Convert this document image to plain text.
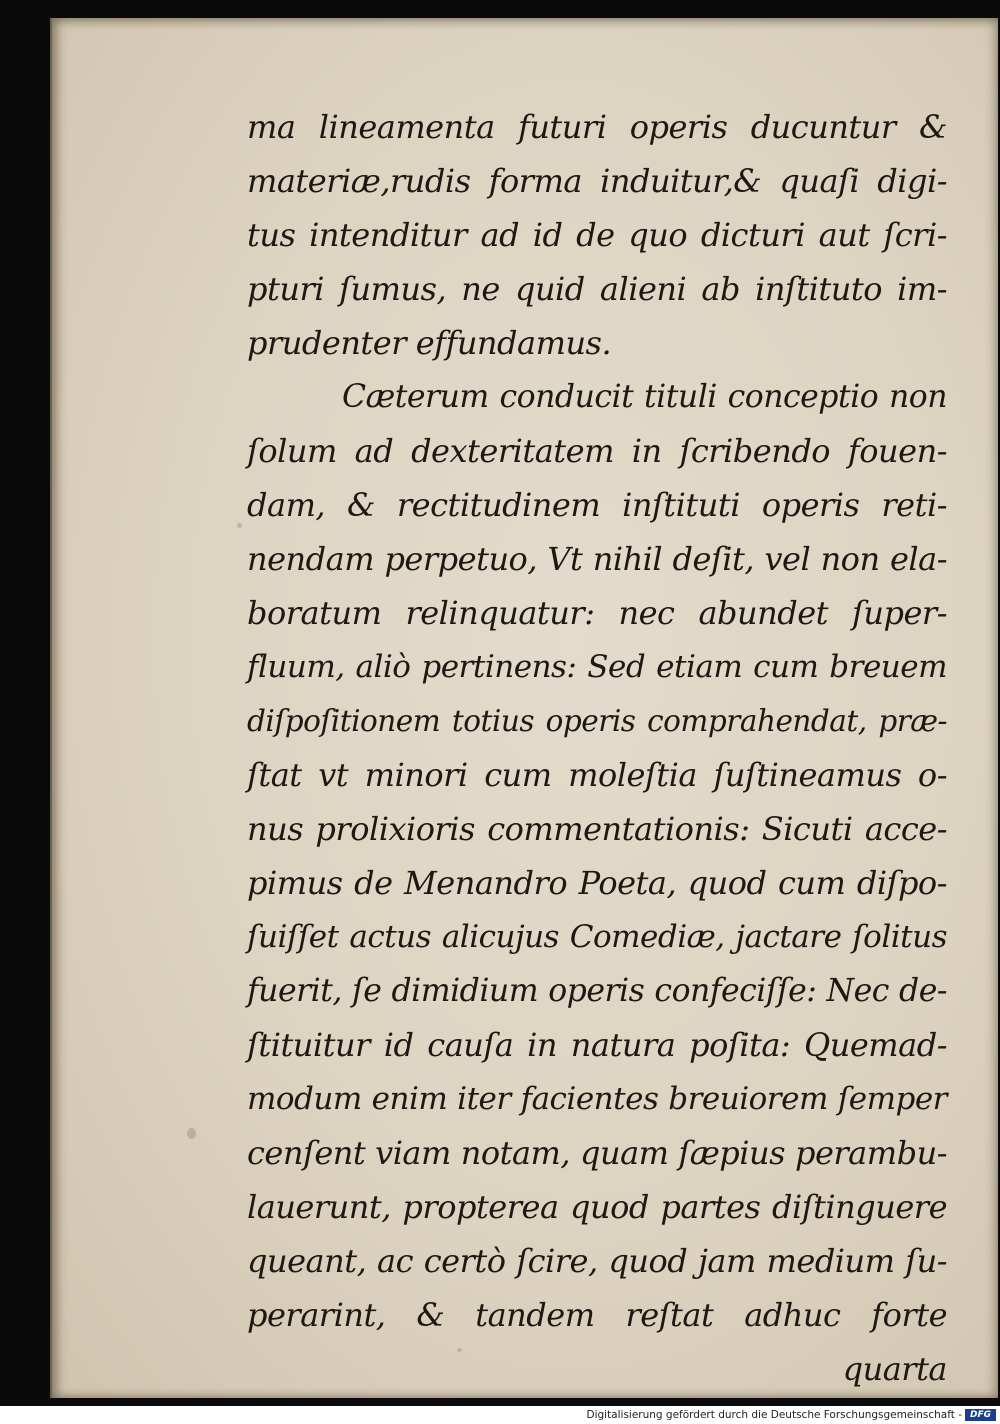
ma lineamenta futuri operis ducuntur &
materiæ,rudis forma induitur,& quaſi digi-
tus intenditur ad id de quo dicturi aut ſcri-
pturi ſumus, ne quid alieni ab inſtituto im-
prudenter effundamus.
Cæterum conducit tituli conceptio non
ſolum ad dexteritatem in ſcribendo fouen-
dam, & rectitudinem inſtituti operis reti-
nendam perpetuo, Vt nihil deſit, vel non ela-
boratum relinquatur: nec abundet ſuper-
fluum, aliò pertinens: Sed etiam cum breuem
diſpoſitionem totius operis comprahendat, præ-
ſtat vt minori cum moleſtia ſuſtineamus o-
nus prolixioris commentationis: Sicuti acce-
pimus de Menandro Poeta, quod cum diſpo-
ſuiſſet actus alicujus Comediæ, jactare ſolitus
fuerit, ſe dimidium operis confeciſſe: Nec de-
ſtituitur id cauſa in natura poſita: Quemad-
modum enim iter facientes breuiorem ſemper
cenſent viam notam, quam ſæpius perambu-
lauerunt, propterea quod partes diſtinguere
queant, ac certò ſcire, quod jam medium ſu-
perarint, & tandem reſtat adhuc forte
quarta
Digitalisierung gefördert durch die Deutsche Forschungsgemeinschaft - DFG
